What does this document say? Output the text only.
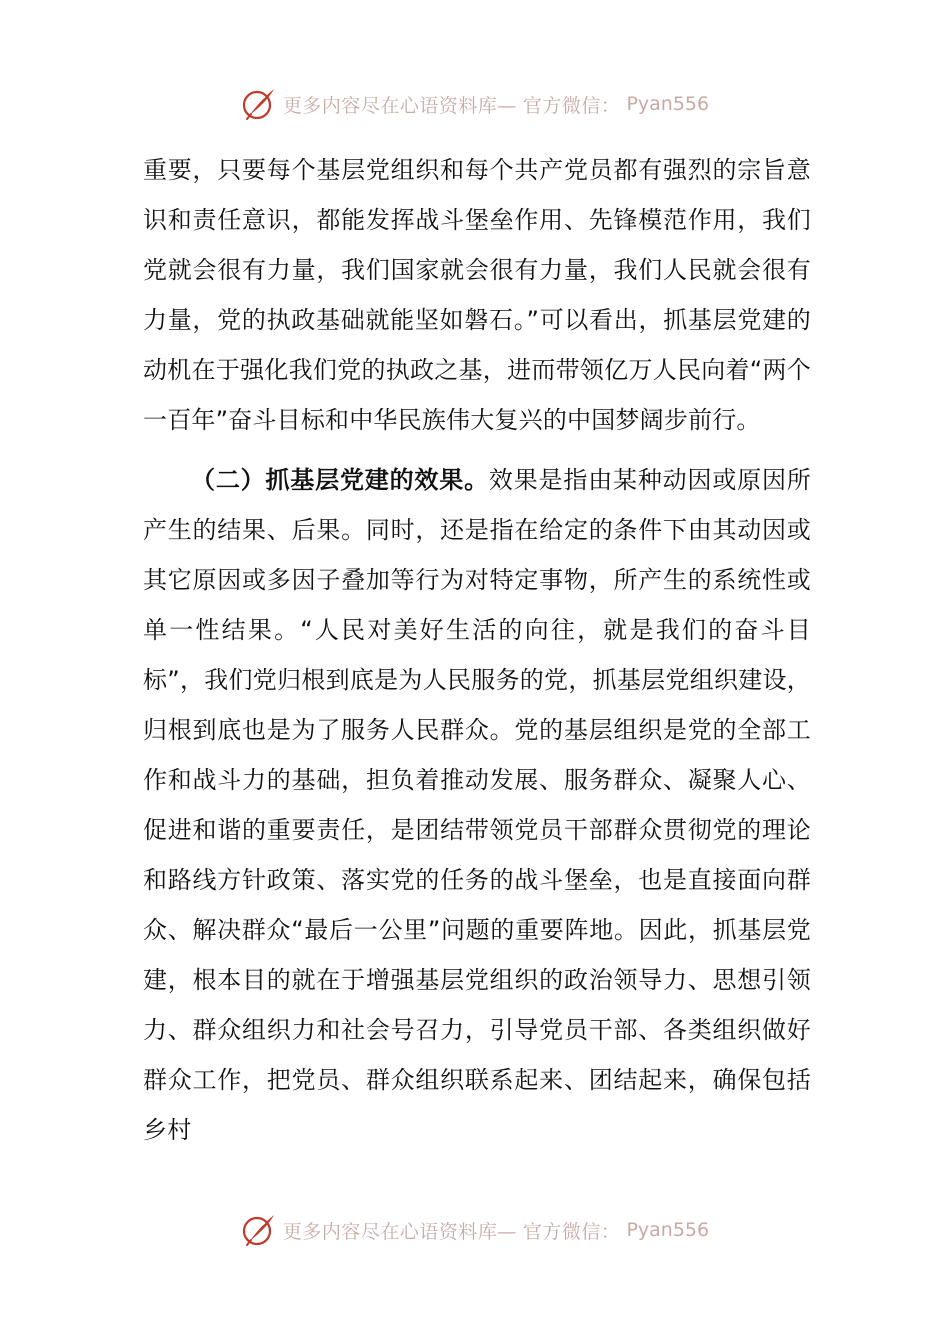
更多内容尽在心语资料库— 官方微信： Pyan556

重要，只要每个基层党组织和每个共产党员都有强烈的宗旨意识和责任意识，都能发挥战斗堡垒作用、先锋模范作用，我们党就会很有力量，我们国家就会很有力量，我们人民就会很有力量，党的执政基础就能坚如磐石。”可以看出，抓基层党建的动机在于强化我们党的执政之基，进而带领亿万人民向着“两个一百年”奋斗目标和中华民族伟大复兴的中国梦阔步前行。

（二）抓基层党建的效果。效果是指由某种动因或原因所产生的结果、后果。同时，还是指在给定的条件下由其动因或其它原因或多因子叠加等行为对特定事物，所产生的系统性或单一性结果。“人民对美好生活的向往，就是我们的奋斗目标”，我们党归根到底是为人民服务的党，抓基层党组织建设，归根到底也是为了服务人民群众。党的基层组织是党的全部工作和战斗力的基础，担负着推动发展、服务群众、凝聚人心、促进和谐的重要责任，是团结带领党员干部群众贯彻党的理论和路线方针政策、落实党的任务的战斗堡垒，也是直接面向群众、解决群众“最后一公里”问题的重要阵地。因此，抓基层党建，根本目的就在于增强基层党组织的政治领导力、思想引领力、群众组织力和社会号召力，引导党员干部、各类组织做好群众工作，把党员、群众组织联系起来、团结起来，确保包括乡村

更多内容尽在心语资料库— 官方微信： Pyan556
